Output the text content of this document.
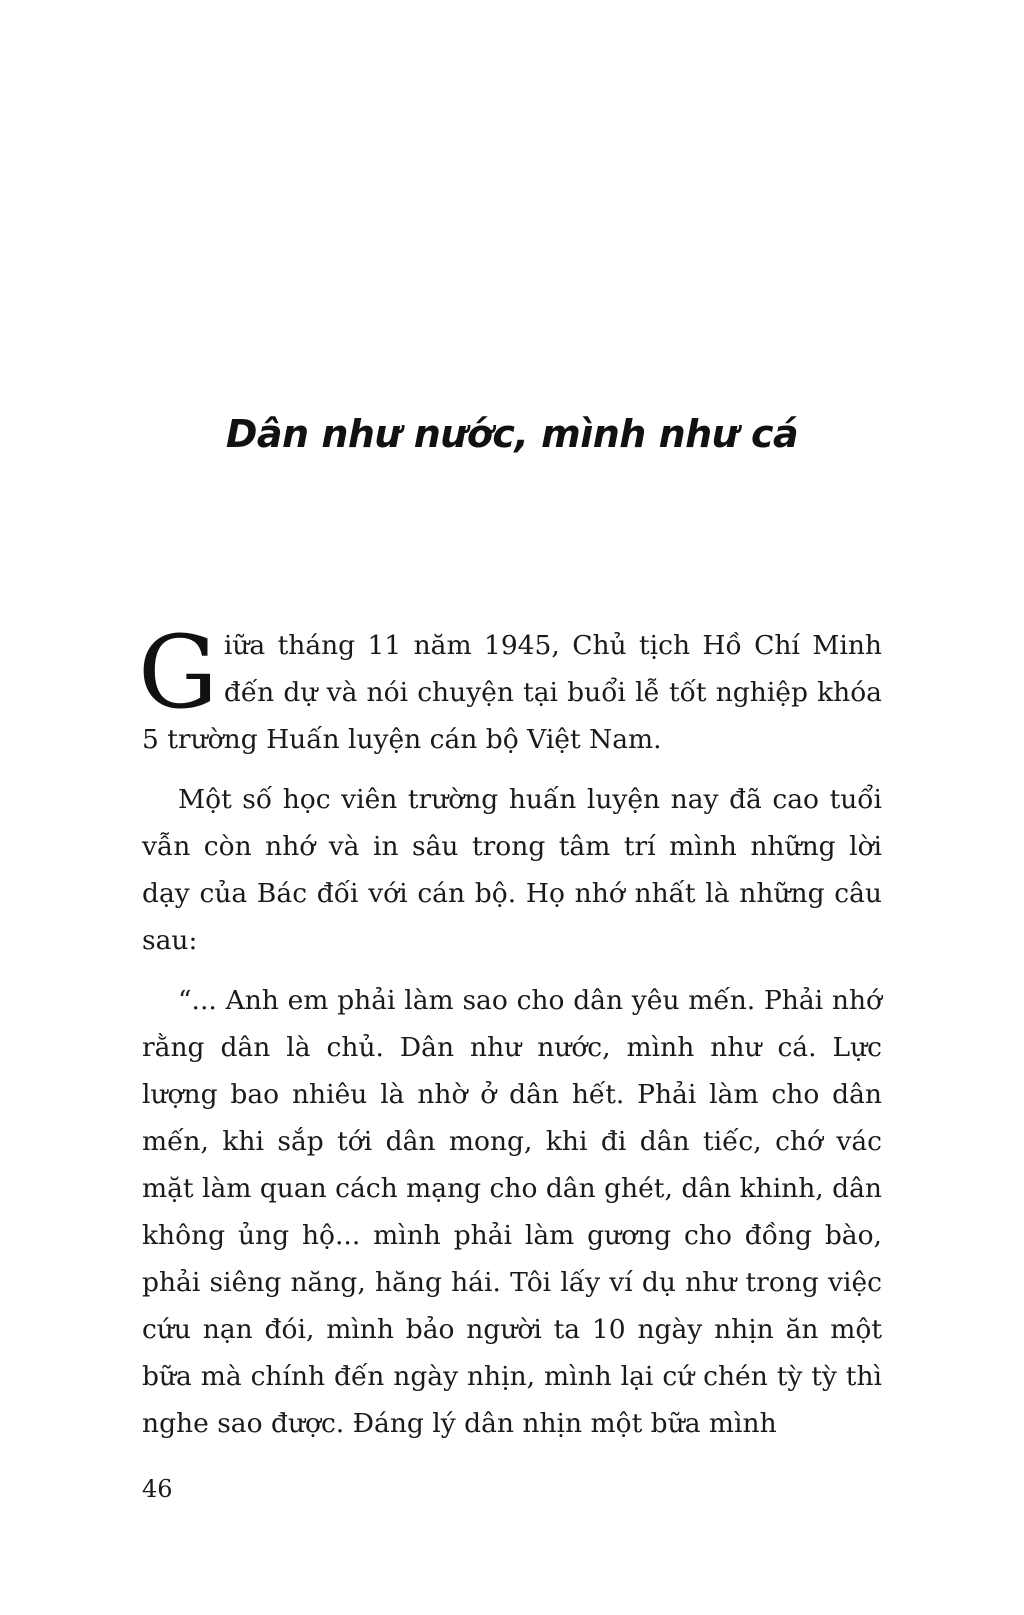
Dân như nước, mình như cá

Giữa tháng 11 năm 1945, Chủ tịch Hồ Chí Minh đến dự và nói chuyện tại buổi lễ tốt nghiệp khóa 5 trường Huấn luyện cán bộ Việt Nam.

Một số học viên trường huấn luyện nay đã cao tuổi vẫn còn nhớ và in sâu trong tâm trí mình những lời dạy của Bác đối với cán bộ. Họ nhớ nhất là những câu sau:

“... Anh em phải làm sao cho dân yêu mến. Phải nhớ rằng dân là chủ. Dân như nước, mình như cá. Lực lượng bao nhiêu là nhờ ở dân hết. Phải làm cho dân mến, khi sắp tới dân mong, khi đi dân tiếc, chớ vác mặt làm quan cách mạng cho dân ghét, dân khinh, dân không ủng hộ... mình phải làm gương cho đồng bào, phải siêng năng, hăng hái. Tôi lấy ví dụ như trong việc cứu nạn đói, mình bảo người ta 10 ngày nhịn ăn một bữa mà chính đến ngày nhịn, mình lại cứ chén tỳ tỳ thì nghe sao được. Đáng lý dân nhịn một bữa mình

46
